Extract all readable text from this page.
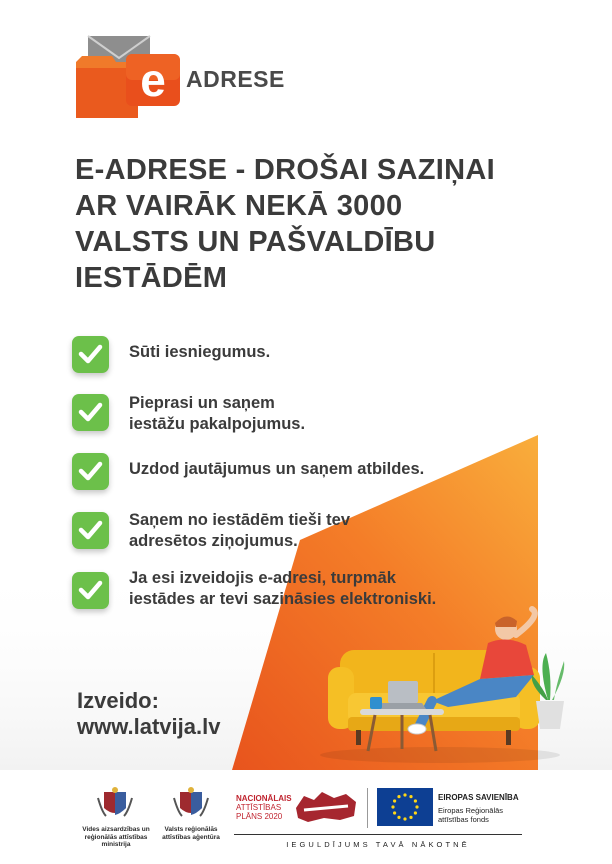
e ADRESE
E-ADRESE - DROŠAI SAZIŅAI
AR VAIRĀK NEKĀ 3000
VALSTS UN PAŠVALDĪBU
IESTĀDĒM
Sūti iesniegumus.
Pieprasi un saņem
iestāžu pakalpojumus.
Uzdod jautājumus un saņem atbildes.
Saņem no iestādēm tieši tev
adresētos ziņojumus.
Ja esi izveidojis e-adresi, turpmāk
iestādes ar tevi sazināsies elektroniski.
Izveido:
www.latvija.lv
Vides aizsardzības un
reģionālās attīstības
ministrija
Valsts reģionālās
attīstības aģentūra
NACIONĀLAIS
ATTĪSTĪBAS
PLĀNS 2020
EIROPAS SAVIENĪBA
Eiropas Reģionālās
attīstības fonds
IEGULDĪJUMS TAVĀ NĀKOTNĒ
